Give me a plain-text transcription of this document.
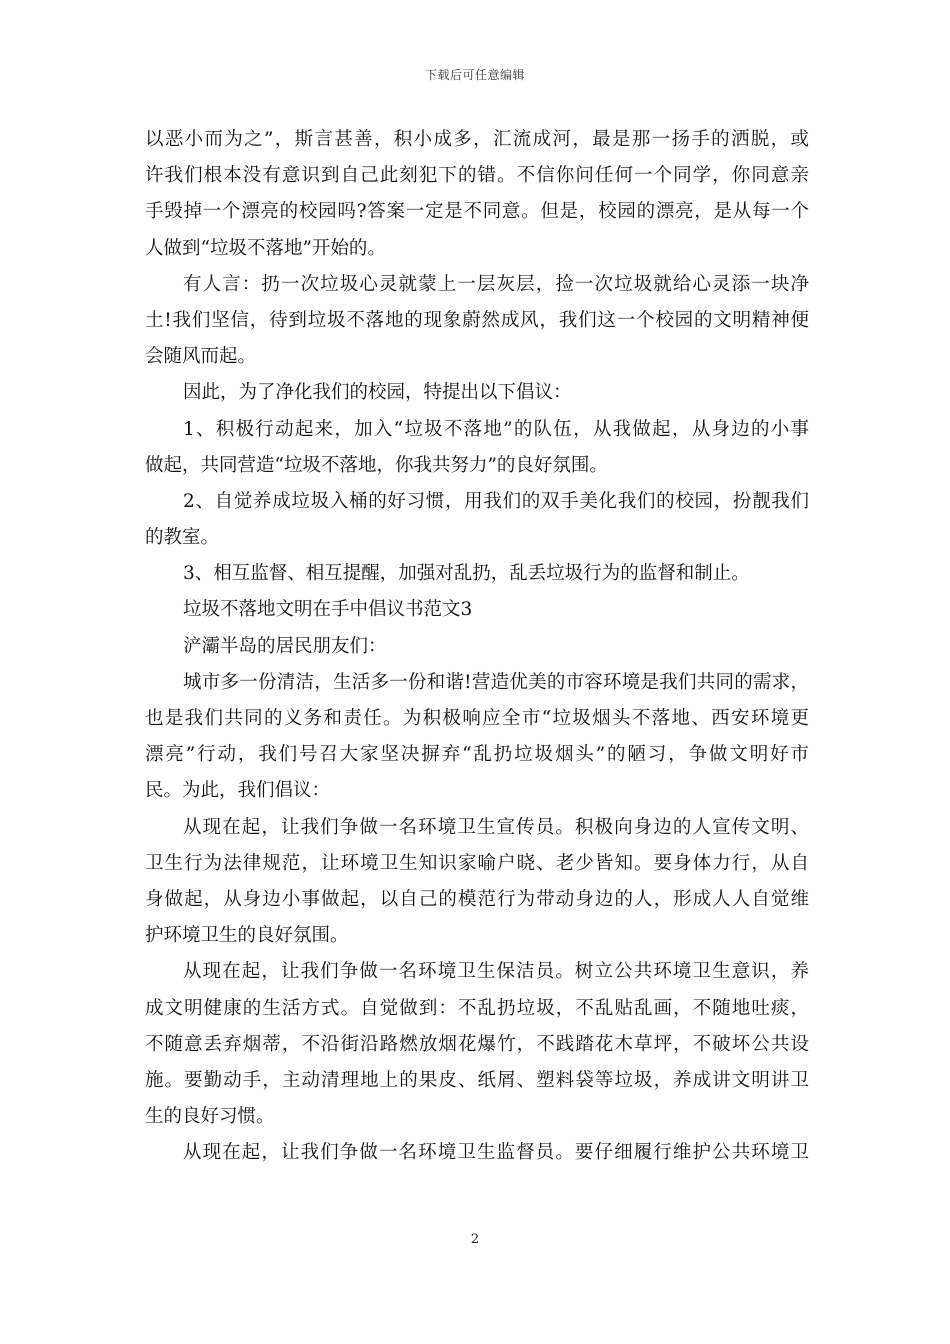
下载后可任意编辑
以恶小而为之”，斯言甚善，积小成多，汇流成河，最是那一扬手的洒脱，或
许我们根本没有意识到自己此刻犯下的错。不信你问任何一个同学，你同意亲
手毁掉一个漂亮的校园吗?答案一定是不同意。但是，校园的漂亮，是从每一个
人做到“垃圾不落地”开始的。
有人言：扔一次垃圾心灵就蒙上一层灰层，捡一次垃圾就给心灵添一块净
土!我们坚信，待到垃圾不落地的现象蔚然成风，我们这一个校园的文明精神便
会随风而起。
因此，为了净化我们的校园，特提出以下倡议：
1、积极行动起来，加入“垃圾不落地”的队伍，从我做起，从身边的小事
做起，共同营造“垃圾不落地，你我共努力”的良好氛围。
2、自觉养成垃圾入桶的好习惯，用我们的双手美化我们的校园，扮靓我们
的教室。
3、相互监督、相互提醒，加强对乱扔，乱丢垃圾行为的监督和制止。
垃圾不落地文明在手中倡议书范文3
浐灞半岛的居民朋友们：
城市多一份清洁，生活多一份和谐!营造优美的市容环境是我们共同的需求，
也是我们共同的义务和责任。为积极响应全市“垃圾烟头不落地、西安环境更
漂亮”行动，我们号召大家坚决摒弃“乱扔垃圾烟头”的陋习，争做文明好市
民。为此，我们倡议：
从现在起，让我们争做一名环境卫生宣传员。积极向身边的人宣传文明、
卫生行为法律规范，让环境卫生知识家喻户晓、老少皆知。要身体力行，从自
身做起，从身边小事做起，以自己的模范行为带动身边的人，形成人人自觉维
护环境卫生的良好氛围。
从现在起，让我们争做一名环境卫生保洁员。树立公共环境卫生意识，养
成文明健康的生活方式。自觉做到：不乱扔垃圾，不乱贴乱画，不随地吐痰，
不随意丢弃烟蒂，不沿街沿路燃放烟花爆竹，不践踏花木草坪，不破坏公共设
施。要勤动手，主动清理地上的果皮、纸屑、塑料袋等垃圾，养成讲文明讲卫
生的良好习惯。
从现在起，让我们争做一名环境卫生监督员。要仔细履行维护公共环境卫
2
